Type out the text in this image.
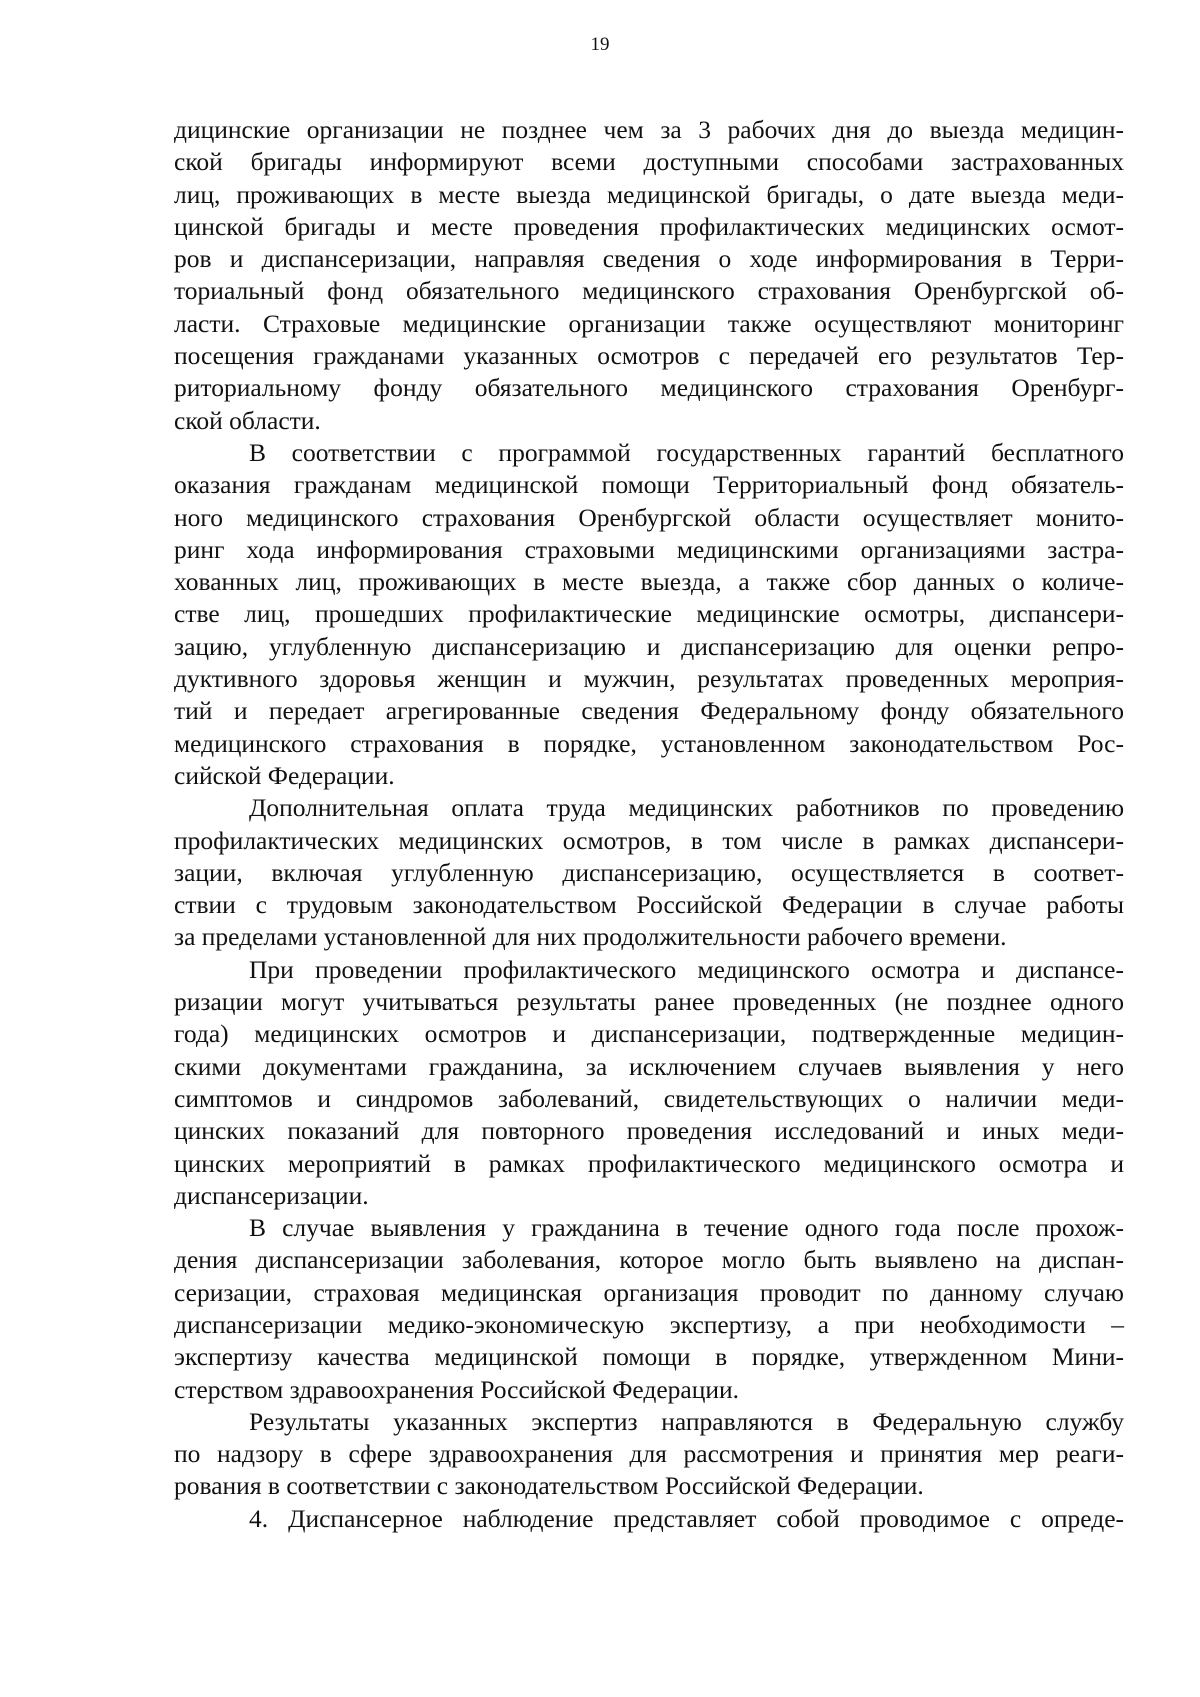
19
дицинские организации не позднее чем за 3 рабочих дня до выезда медицин-
ской бригады информируют всеми доступными способами застрахованных
лиц, проживающих в месте выезда медицинской бригады, о дате выезда меди-
цинской бригады и месте проведения профилактических медицинских осмот-
ров и диспансеризации, направляя сведения о ходе информирования в Терри-
ториальный фонд обязательного медицинского страхования Оренбургской об-
ласти. Страховые медицинские организации также осуществляют мониторинг
посещения гражданами указанных осмотров с передачей его результатов Тер-
риториальному фонду обязательного медицинского страхования Оренбург-
ской области.
В соответствии с программой государственных гарантий бесплатного
оказания гражданам медицинской помощи Территориальный фонд обязатель-
ного медицинского страхования Оренбургской области осуществляет монито-
ринг хода информирования страховыми медицинскими организациями застра-
хованных лиц, проживающих в месте выезда, а также сбор данных о количе-
стве лиц, прошедших профилактические медицинские осмотры, диспансери-
зацию, углубленную диспансеризацию и диспансеризацию для оценки репро-
дуктивного здоровья женщин и мужчин, результатах проведенных мероприя-
тий и передает агрегированные сведения Федеральному фонду обязательного
медицинского страхования в порядке, установленном законодательством Рос-
сийской Федерации.
Дополнительная оплата труда медицинских работников по проведению
профилактических медицинских осмотров, в том числе в рамках диспансери-
зации, включая углубленную диспансеризацию, осуществляется в соответ-
ствии с трудовым законодательством Российской Федерации в случае работы
за пределами установленной для них продолжительности рабочего времени.
При проведении профилактического медицинского осмотра и диспансе-
ризации могут учитываться результаты ранее проведенных (не позднее одного
года) медицинских осмотров и диспансеризации, подтвержденные медицин-
скими документами гражданина, за исключением случаев выявления у него
симптомов и синдромов заболеваний, свидетельствующих о наличии меди-
цинских показаний для повторного проведения исследований и иных меди-
цинских мероприятий в рамках профилактического медицинского осмотра и
диспансеризации.
В случае выявления у гражданина в течение одного года после прохож-
дения диспансеризации заболевания, которое могло быть выявлено на диспан-
серизации, страховая медицинская организация проводит по данному случаю
диспансеризации медико-экономическую экспертизу, а при необходимости –
экспертизу качества медицинской помощи в порядке, утвержденном Мини-
стерством здравоохранения Российской Федерации.
Результаты указанных экспертиз направляются в Федеральную службу
по надзору в сфере здравоохранения для рассмотрения и принятия мер реаги-
рования в соответствии с законодательством Российской Федерации.
4. Диспансерное наблюдение представляет собой проводимое с опреде-
